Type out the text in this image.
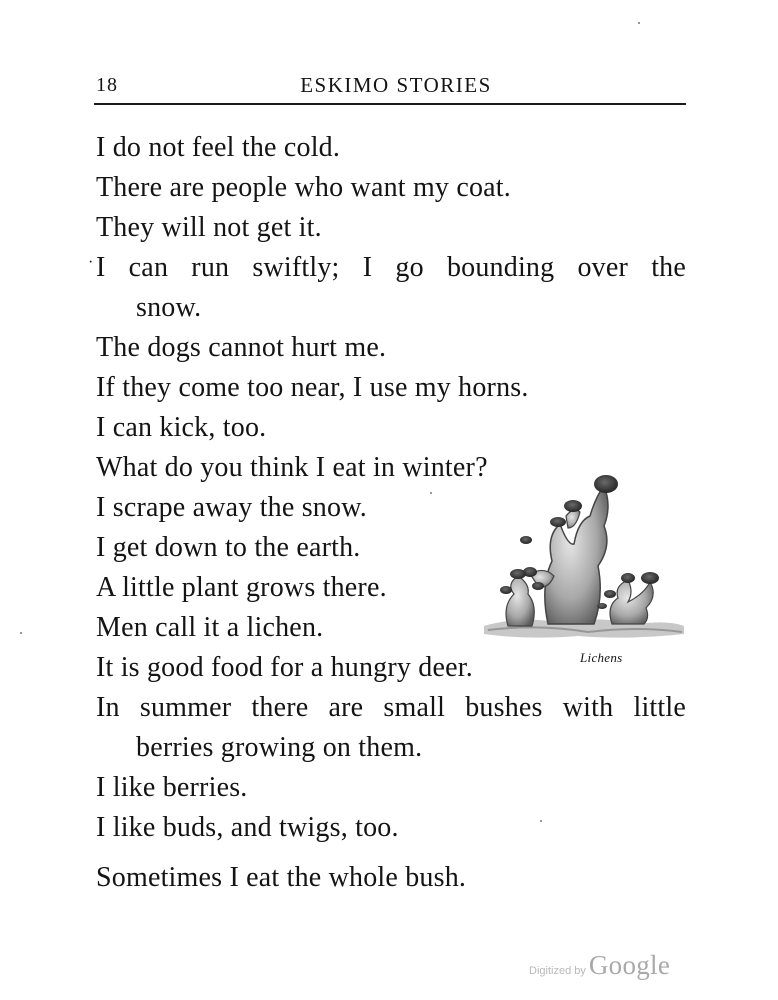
18	ESKIMO STORIES
I do not feel the cold.
There are people who want my coat.
They will not get it.
I can run swiftly; I go bounding over the
snow.
The dogs cannot hurt me.
If they come too near, I use my horns.
I can kick, too.
What do you think I eat in winter?
I scrape away the snow.
I get down to the earth.
A little plant grows there.
Men call it a lichen.
It is good food for a hungry deer.
In summer there are small bushes with little
berries growing on them.
I like berries.
I like buds, and twigs, too.
Sometimes I eat the whole bush.
·
Lichens
Digitized by Google
